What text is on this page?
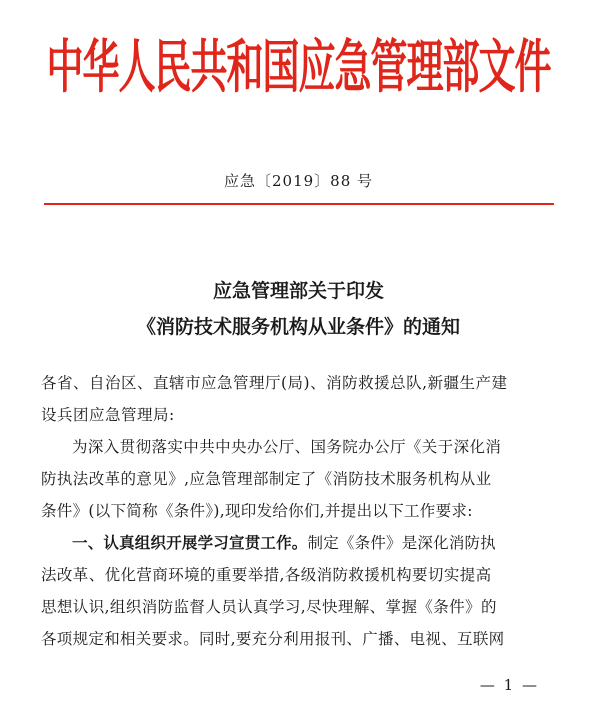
中华人民共和国应急管理部文件
应急〔2019〕88 号
应急管理部关于印发
《消防技术服务机构从业条件》的通知
各省、自治区、直辖市应急管理厅(局)、消防救援总队,新疆生产建
设兵团应急管理局:
为深入贯彻落实中共中央办公厅、国务院办公厅《关于深化消
防执法改革的意见》,应急管理部制定了《消防技术服务机构从业
条件》(以下简称《条件》),现印发给你们,并提出以下工作要求:
一、认真组织开展学习宣贯工作。制定《条件》是深化消防执
法改革、优化营商环境的重要举措,各级消防救援机构要切实提高
思想认识,组织消防监督人员认真学习,尽快理解、掌握《条件》的
各项规定和相关要求。同时,要充分利用报刊、广播、电视、互联网
— 1 —
